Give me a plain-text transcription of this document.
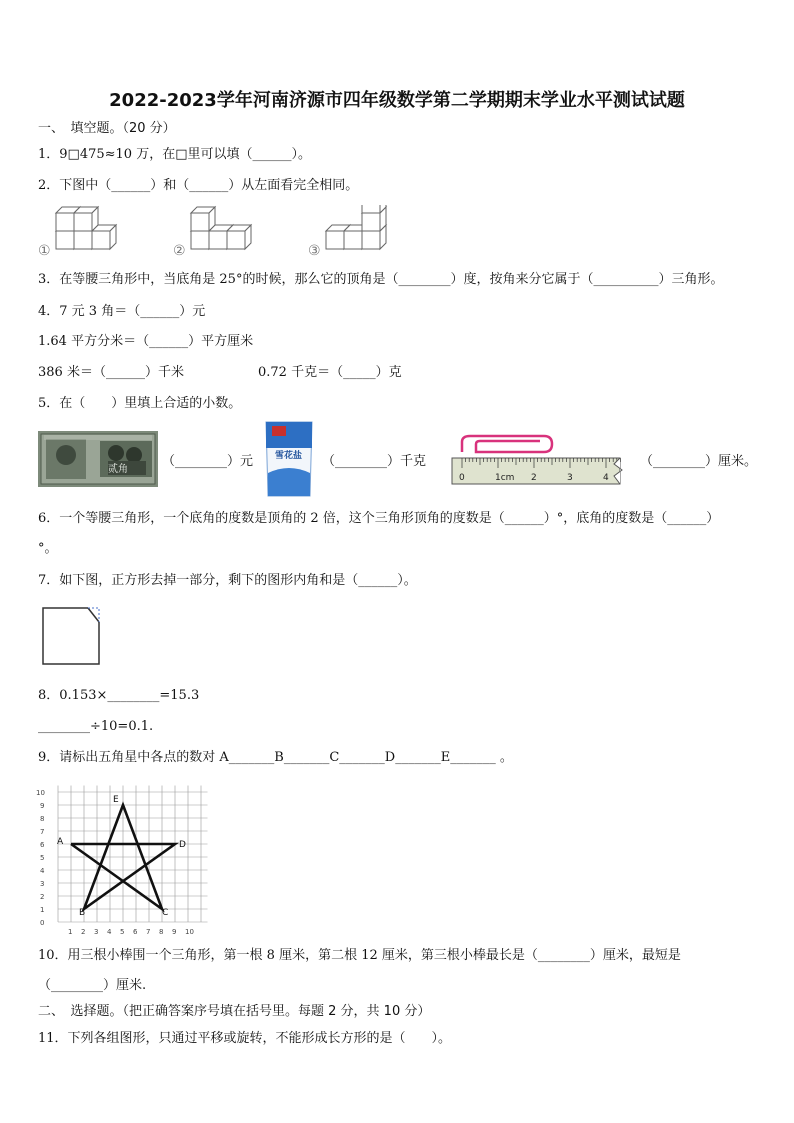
2022-2023学年河南济源市四年级数学第二学期期末学业水平测试试题
一、　填空题。（20 分）
1．9□475≈10 万，在□里可以填（______）。
2．下图中（______）和（______）从左面看完全相同。
①	②	③
3．在等腰三角形中，当底角是 25°的时候，那么它的顶角是（________）度，按角来分它属于（__________）三角形。
4．7 元 3 角＝（______）元
1.64 平方分米＝（______）平方厘米
386 米＝（______）千米	0.72 千克＝（_____）克
5．在（　　）里填上合适的小数。
贰角
（________）元 雪花盐 （________）千克
0	1cm 2	3	4
（________）厘米。
6．一个等腰三角形，一个底角的度数是顶角的 2 倍，这个三角形顶角的度数是（______）°，底角的度数是（______）
°。
7．如下图，正方形去掉一部分，剩下的图形内角和是（______）。
8．0.153×________=15.3
________÷10=0.1.
9．请标出五角星中各点的数对 A_______B_______C_______D_______E_______ 。
1 2 3 4 5 6 7 8 9 10
0
1
2
3
4
5
6
7
8
9
10
A
B	C
D
E
10．用三根小棒围一个三角形，第一根 8 厘米，第二根 12 厘米，第三根小棒最长是（________）厘米，最短是
（________）厘米.
二、　选择题。（把正确答案序号填在括号里。每题 2 分，共 10 分）
11．下列各组图形，只通过平移或旋转，不能形成长方形的是（　　）。
